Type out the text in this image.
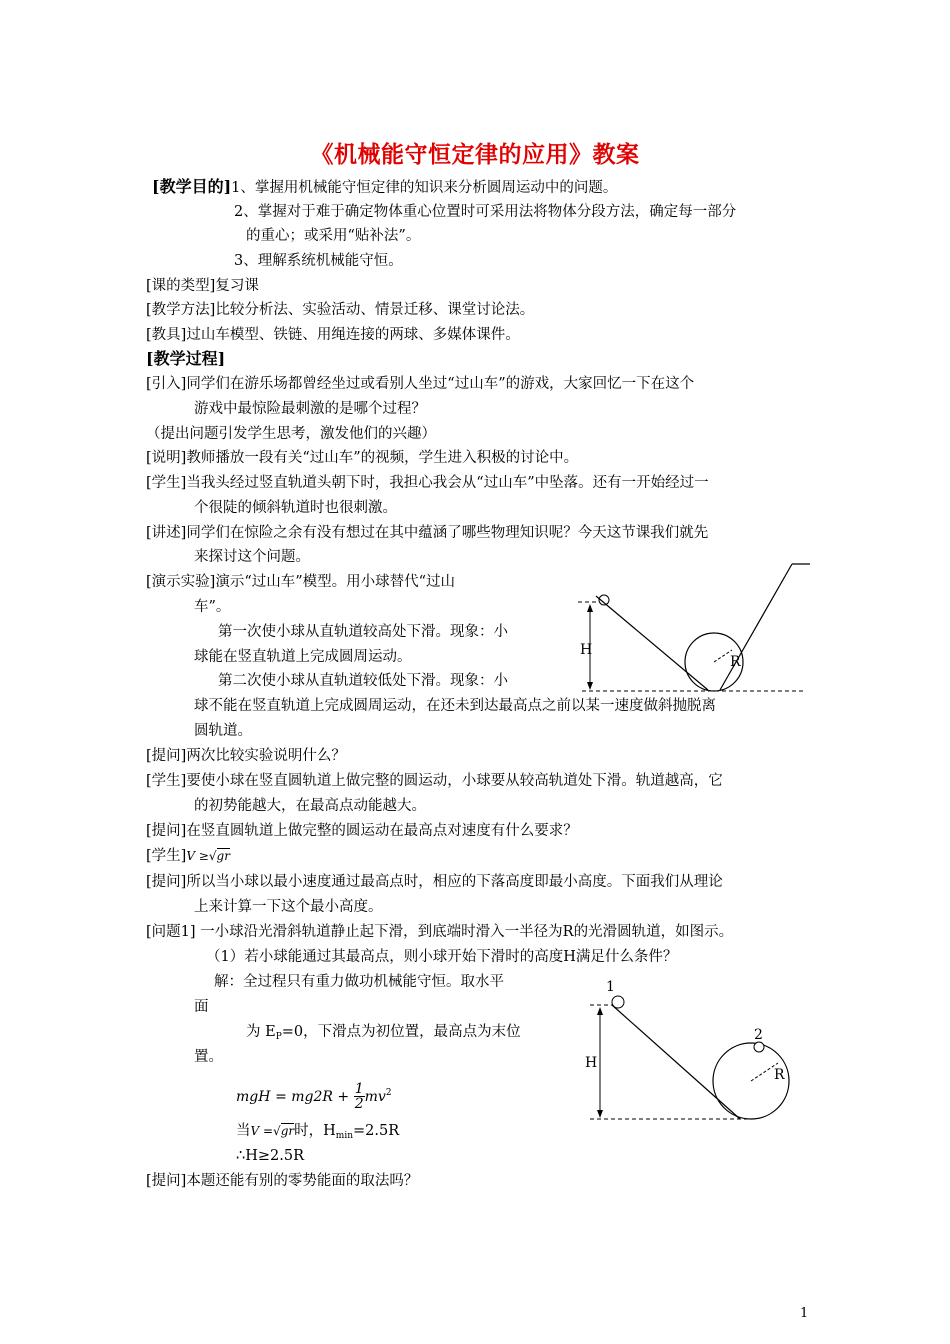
《机械能守恒定律的应用》教案
[教学目的]1、掌握用机械能守恒定律的知识来分析圆周运动中的问题。
2、掌握对于难于确定物体重心位置时可采用法将物体分段方法，确定每一部分
的重心；或采用“贴补法”。
3、理解系统机械能守恒。
[课的类型]复习课
[教学方法]比较分析法、实验活动、情景迁移、课堂讨论法。
[教具]过山车模型、铁链、用绳连接的两球、多媒体课件。
[教学过程]
[引入]同学们在游乐场都曾经坐过或看别人坐过“过山车”的游戏，大家回忆一下在这个
游戏中最惊险最刺激的是哪个过程？
（提出问题引发学生思考，激发他们的兴趣）
[说明]教师播放一段有关“过山车”的视频，学生进入积极的讨论中。
[学生]当我头经过竖直轨道头朝下时，我担心我会从“过山车”中坠落。还有一开始经过一
个很陡的倾斜轨道时也很刺激。
[讲述]同学们在惊险之余有没有想过在其中蕴涵了哪些物理知识呢？今天这节课我们就先
来探讨这个问题。
[演示实验]演示“过山车”模型。用小球替代“过山
车”。
第一次使小球从直轨道较高处下滑。现象：小
球能在竖直轨道上完成圆周运动。
第二次使小球从直轨道较低处下滑。现象：小
球不能在竖直轨道上完成圆周运动，在还未到达最高点之前以某一速度做斜抛脱离
圆轨道。
[提问]两次比较实验说明什么？
[学生]要使小球在竖直圆轨道上做完整的圆运动，小球要从较高轨道处下滑。轨道越高，它
的初势能越大，在最高点动能越大。
[提问]在竖直圆轨道上做完整的圆运动在最高点对速度有什么要求？
[学生]V ≥√gr
[提问]所以当小球以最小速度通过最高点时，相应的下落高度即最小高度。下面我们从理论
上来计算一下这个最小高度。
[问题1] 一小球沿光滑斜轨道静止起下滑，到底端时滑入一半径为R的光滑圆轨道，如图示。
（1）若小球能通过其最高点，则小球开始下滑时的高度H满足什么条件？
解：全过程只有重力做功机械能守恒。取水平
面
为 $E_P=0$，下滑点为初位置，最高点为末位
置。
mgH = $mg2R + \frac{1}{2} mv^2$
当V =√gr时，$H_{min}=2.5R$
∴H≥2.5R
[提问]本题还能有别的零势能面的取法吗？
H
R
1
2
R
H
1
